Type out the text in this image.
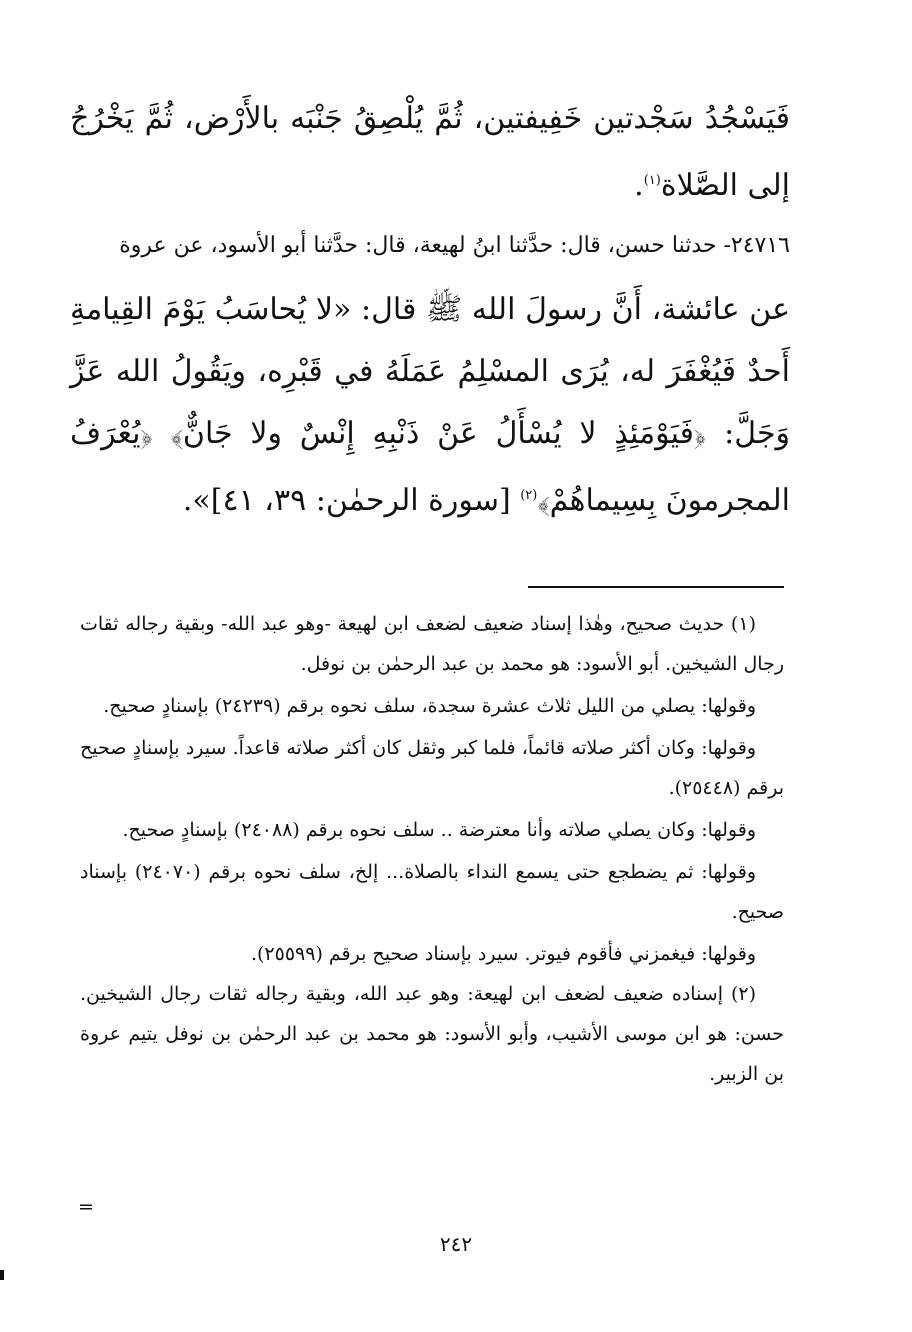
فَيَسْجُدُ سَجْدتين خَفِيفتين، ثُمَّ يُلْصِقُ جَنْبَه بالأَرْض، ثُمَّ يَخْرُجُ إلى الصَّلاة$^{(١)}$.

٢٤٧١٦- حدثنا حسن، قال: حدَّثنا ابنُ لهيعة، قال: حدَّثنا أبو الأسود، عن عروة

عن عائشة، أَنَّ رسولَ الله ﷺ قال: «لا يُحاسَبُ يَوْمَ القِيامةِ أَحدٌ فَيُغْفَرَ له، يُرَى المسْلِمُ عَمَلَهُ في قَبْرِه، ويَقُولُ الله عَزَّ وَجَلَّ: ﴿فَيَوْمَئِذٍ لا يُسْأَلُ عَنْ ذَنْبِهِ إِنْسٌ ولا جَانٌّ﴾ ﴿يُعْرَفُ المجرمونَ بِسِيماهُمْ﴾$^{(٢)}$ [سورة الرحمٰن: ٣٩، ٤١]».

(١) حديث صحيح، وهٰذا إسناد ضعيف لضعف ابن لهيعة -وهو عبد الله- وبقية رجاله ثقات رجال الشيخين. أبو الأسود: هو محمد بن عبد الرحمٰن بن نوفل.

وقولها: يصلي من الليل ثلاث عشرة سجدة، سلف نحوه برقم (٢٤٢٣٩) بإسنادٍ صحيح.

وقولها: وكان أكثر صلاته قائماً، فلما كبر وثقل كان أكثر صلاته قاعداً. سيرد بإسنادٍ صحيح برقم (٢٥٤٤٨).

وقولها: وكان يصلي صلاته وأنا معترضة .. سلف نحوه برقم (٢٤٠٨٨) بإسنادٍ صحيح.

وقولها: ثم يضطجع حتى يسمع النداء بالصلاة... إلخ، سلف نحوه برقم (٢٤٠٧٠) بإسناد صحيح.

وقولها: فيغمزني فأقوم فيوتر. سيرد بإسناد صحيح برقم (٢٥٥٩٩).

(٢) إسناده ضعيف لضعف ابن لهيعة: وهو عبد الله، وبقية رجاله ثقات رجال الشيخين. حسن: هو ابن موسى الأشيب، وأبو الأسود: هو محمد بن عبد الرحمٰن بن نوفل يتيم عروة بن الزبير.

=
٢٤٢
